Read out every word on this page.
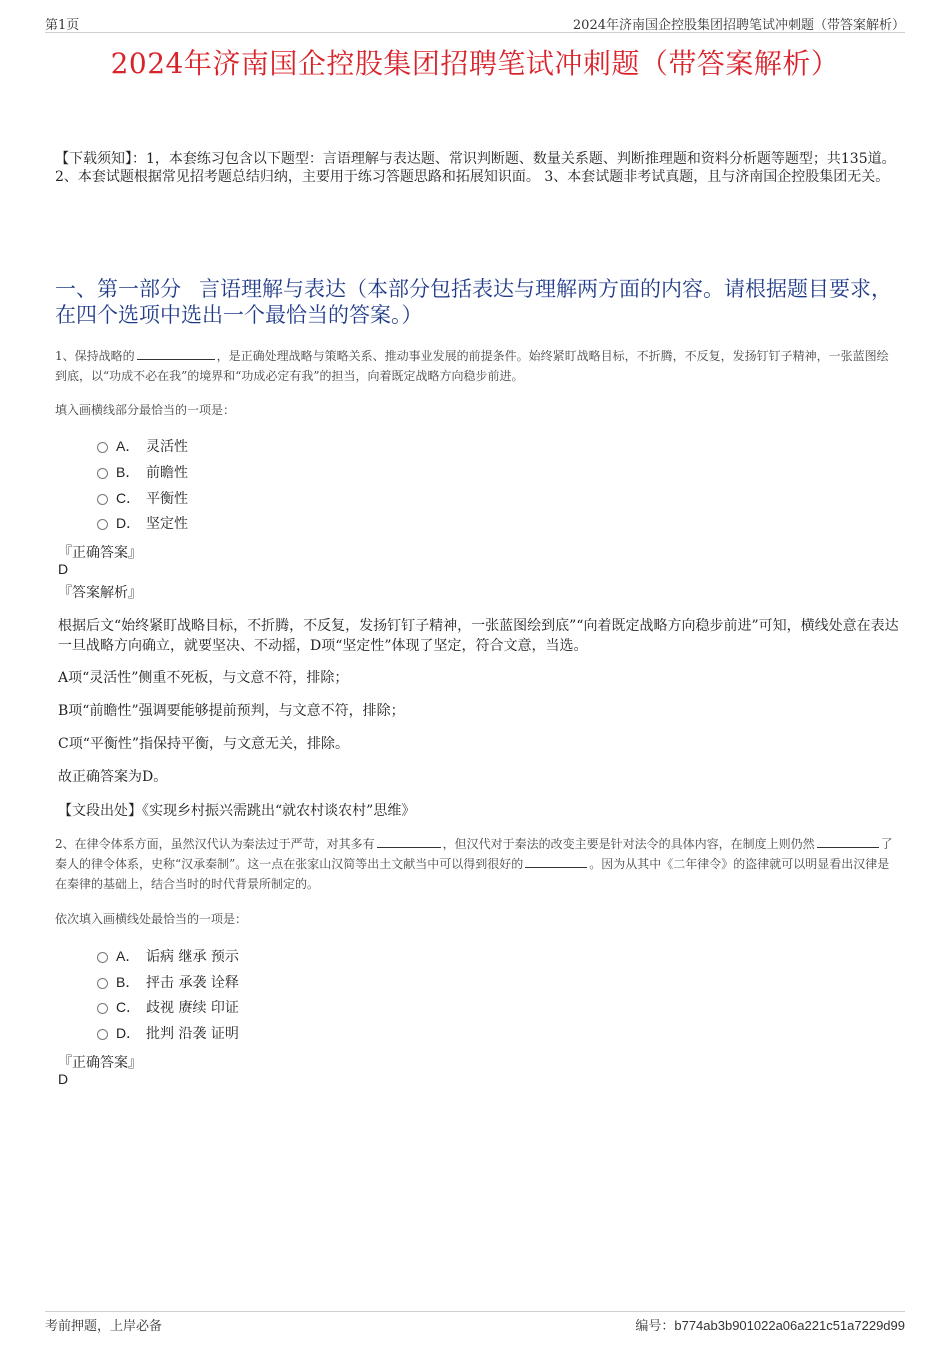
第1页	2024年济南国企控股集团招聘笔试冲刺题（带答案解析）
2024年济南国企控股集团招聘笔试冲刺题（带答案解析）
【下载须知】：1，本套练习包含以下题型：言语理解与表达题、常识判断题、数量关系题、判断推理题和资料分析题等题型；共135道。 2、本套试题根据常见招考题总结归纳，主要用于练习答题思路和拓展知识面。 3、本套试题非考试真题，且与济南国企控股集团无关。
一、第一部分 言语理解与表达（本部分包括表达与理解两方面的内容。请根据题目要求，在四个选项中选出一个最恰当的答案。）
1、保持战略的	，是正确处理战略与策略关系、推动事业发展的前提条件。始终紧盯战略目标，不折腾，不反复，发扬钉钉子精神，一张蓝图绘到底，以“功成不必在我”的境界和“功成必定有我”的担当，向着既定战略方向稳步前进。
填入画横线部分最恰当的一项是：
A． 灵活性
B． 前瞻性
C． 平衡性
D． 坚定性
『正确答案』
D
『答案解析』
根据后文“始终紧盯战略目标，不折腾，不反复，发扬钉钉子精神，一张蓝图绘到底”“向着既定战略方向稳步前进”可知，横线处意在表达一旦战略方向确立，就要坚决、不动摇，D项“坚定性”体现了坚定，符合文意，当选。
A项“灵活性”侧重不死板，与文意不符，排除；
B项“前瞻性”强调要能够提前预判，与文意不符，排除；
C项“平衡性”指保持平衡，与文意无关，排除。
故正确答案为D。
【文段出处】《实现乡村振兴需跳出“就农村谈农村”思维》
2、在律令体系方面，虽然汉代认为秦法过于严苛，对其多有	，但汉代对于秦法的改变主要是针对法令的具体内容，在制度上则仍然	了秦人的律令体系，史称“汉承秦制”。这一点在张家山汉简等出土文献当中可以得到很好的	。因为从其中《二年律令》的盗律就可以明显看出汉律是在秦律的基础上，结合当时的时代背景所制定的。
依次填入画横线处最恰当的一项是：
A． 诟病 继承 预示
B． 抨击 承袭 诠释
C． 歧视 赓续 印证
D． 批判 沿袭 证明
『正确答案』
D
考前押题，上岸必备	编号：b774ab3b901022a06a221c51a7229d99
